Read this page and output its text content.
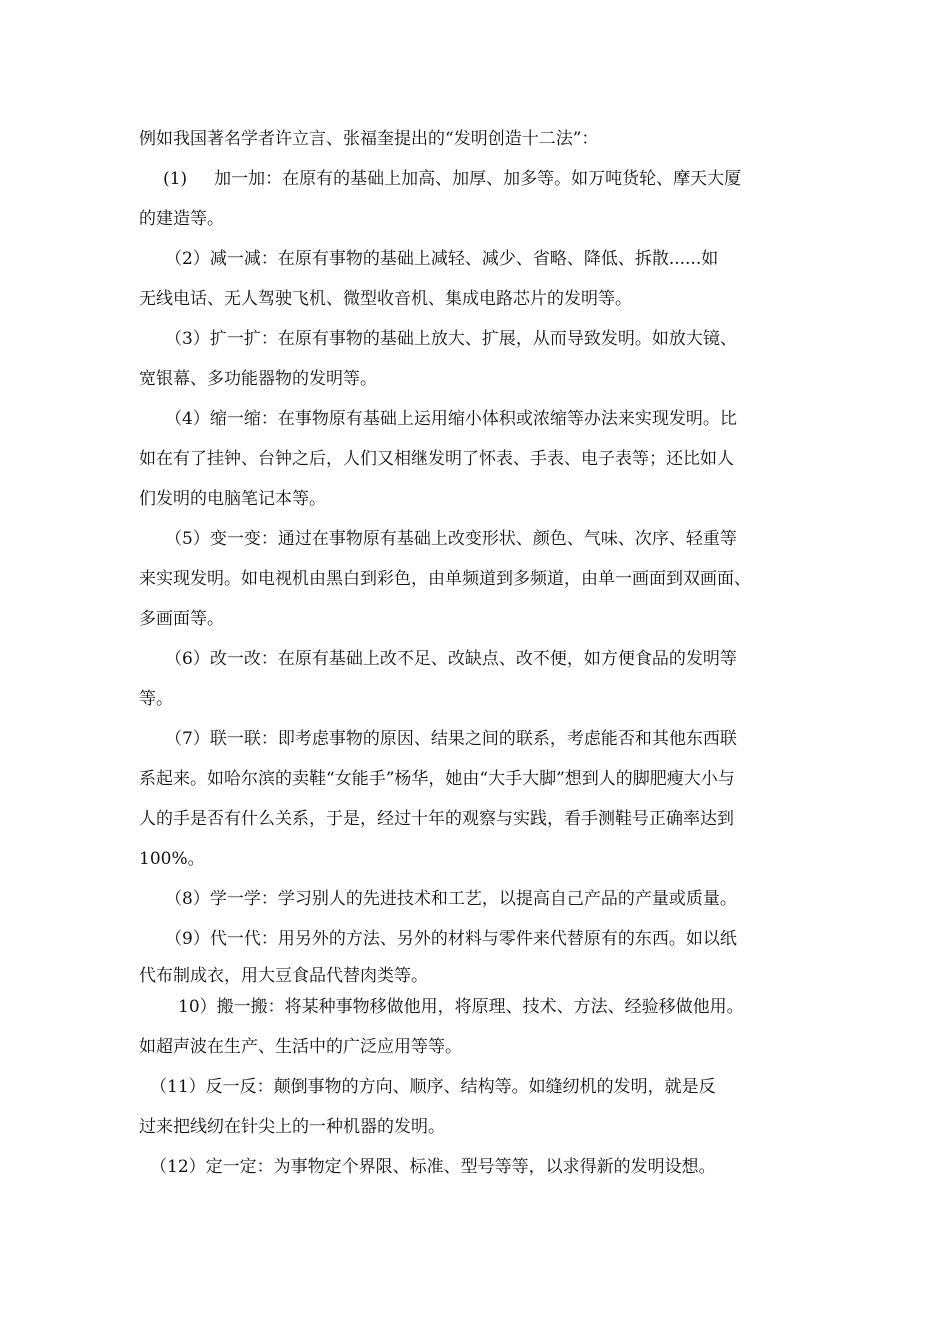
例如我国著名学者许立言、张福奎提出的“发明创造十二法”：

(1)     加一加：在原有的基础上加高、加厚、加多等。如万吨货轮、摩天大厦

的建造等。

（2）减一减：在原有事物的基础上减轻、减少、省略、降低、拆散......如

无线电话、无人驾驶飞机、微型收音机、集成电路芯片的发明等。

（3）扩一扩：在原有事物的基础上放大、扩展，从而导致发明。如放大镜、

宽银幕、多功能器物的发明等。

（4）缩一缩：在事物原有基础上运用缩小体积或浓缩等办法来实现发明。比

如在有了挂钟、台钟之后，人们又相继发明了怀表、手表、电子表等；还比如人

们发明的电脑笔记本等。

（5）变一变：通过在事物原有基础上改变形状、颜色、气味、次序、轻重等

来实现发明。如电视机由黑白到彩色，由单频道到多频道，由单一画面到双画面、

多画面等。

（6）改一改：在原有基础上改不足、改缺点、改不便，如方便食品的发明等

等。

（7）联一联：即考虑事物的原因、结果之间的联系，考虑能否和其他东西联

系起来。如哈尔滨的卖鞋“女能手”杨华，她由“大手大脚”想到人的脚肥瘦大小与

人的手是否有什么关系，于是，经过十年的观察与实践，看手测鞋号正确率达到

100%。

（8）学一学：学习别人的先进技术和工艺，以提高自己产品的产量或质量。

（9）代一代：用另外的方法、另外的材料与零件来代替原有的东西。如以纸

代布制成衣，用大豆食品代替肉类等。

10）搬一搬：将某种事物移做他用，将原理、技术、方法、经验移做他用。

如超声波在生产、生活中的广泛应用等等。

（11）反一反：颠倒事物的方向、顺序、结构等。如缝纫机的发明，就是反

过来把线纫在针尖上的一种机器的发明。

（12）定一定：为事物定个界限、标准、型号等等，以求得新的发明设想。
